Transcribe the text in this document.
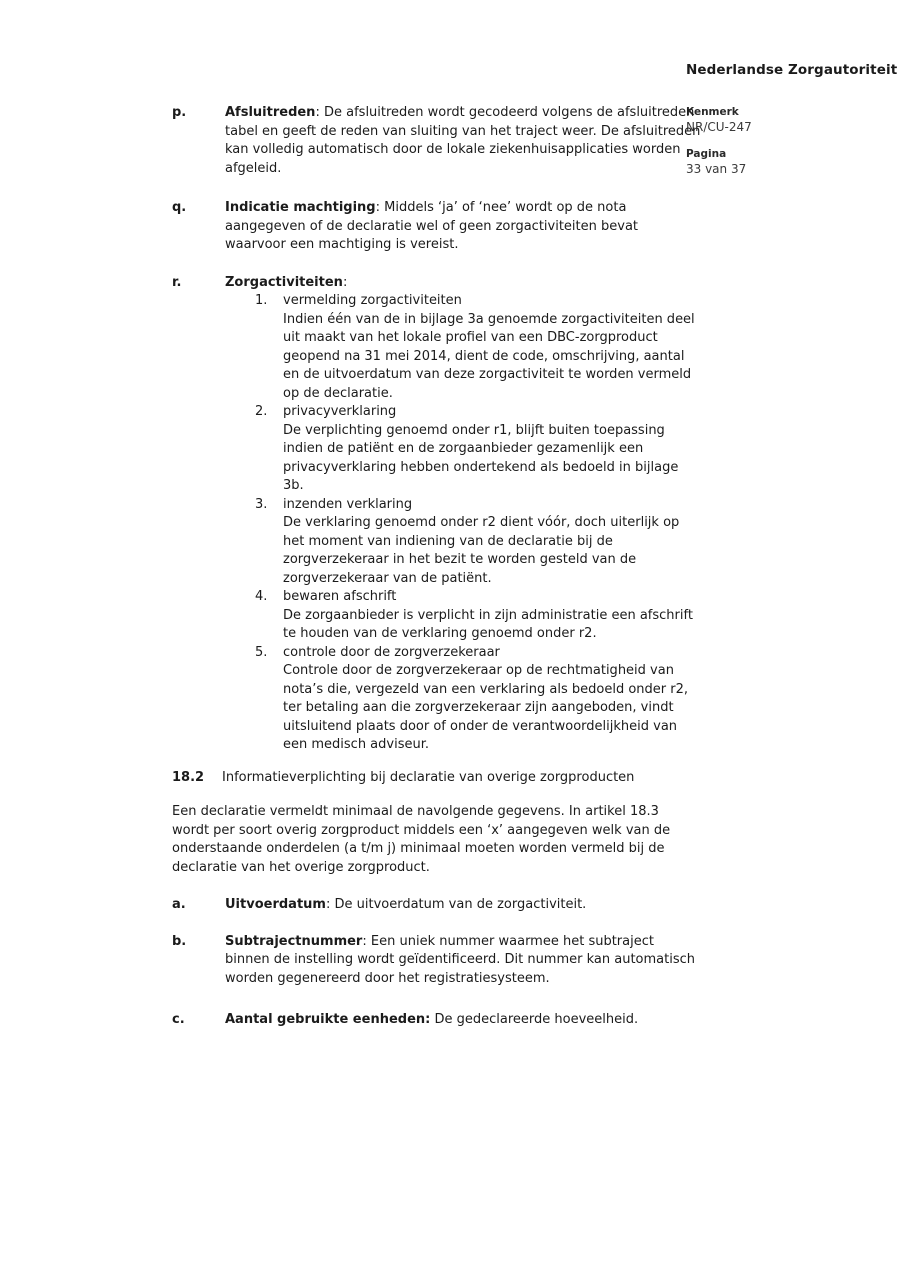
Nederlandse Zorgautoriteit
Kenmerk
NR/CU-247
Pagina
33 van 37
p.	Afsluitreden: De afsluitreden wordt gecodeerd volgens de afsluitreden tabel en geeft de reden van sluiting van het traject weer. De afsluitreden kan volledig automatisch door de lokale ziekenhuisapplicaties worden afgeleid.
q.	Indicatie machtiging: Middels ‘ja’ of ‘nee’ wordt op de nota aangegeven of de declaratie wel of geen zorgactiviteiten bevat waarvoor een machtiging is vereist.
r.	Zorgactiviteiten:
1.	vermelding zorgactiviteiten
Indien één van de in bijlage 3a genoemde zorgactiviteiten deel uit maakt van het lokale profiel van een DBC-zorgproduct geopend na 31 mei 2014, dient de code, omschrijving, aantal en de uitvoerdatum van deze zorgactiviteit te worden vermeld op de declaratie.
2.	privacyverklaring
De verplichting genoemd onder r1, blijft buiten toepassing indien de patiënt en de zorgaanbieder gezamenlijk een privacyverklaring hebben ondertekend als bedoeld in bijlage 3b.
3.	inzenden verklaring
De verklaring genoemd onder r2 dient vóór, doch uiterlijk op het moment van indiening van de declaratie bij de zorgverzekeraar in het bezit te worden gesteld van de zorgverzekeraar van de patiënt.
4.	bewaren afschrift
De zorgaanbieder is verplicht in zijn administratie een afschrift te houden van de verklaring genoemd onder r2.
5.	controle door de zorgverzekeraar
Controle door de zorgverzekeraar op de rechtmatigheid van nota’s die, vergezeld van een verklaring als bedoeld onder r2, ter betaling aan die zorgverzekeraar zijn aangeboden, vindt uitsluitend plaats door of onder de verantwoordelijkheid van een medisch adviseur.
18.2	Informatieverplichting bij declaratie van overige zorgproducten
Een declaratie vermeldt minimaal de navolgende gegevens. In artikel 18.3 wordt per soort overig zorgproduct middels een ‘x’ aangegeven welk van de onderstaande onderdelen (a t/m j) minimaal moeten worden vermeld bij de declaratie van het overige zorgproduct.
a.	Uitvoerdatum: De uitvoerdatum van de zorgactiviteit.
b.	Subtrajectnummer: Een uniek nummer waarmee het subtraject binnen de instelling wordt geïdentificeerd. Dit nummer kan automatisch worden gegenereerd door het registratiesysteem.
c.	Aantal gebruikte eenheden: De gedeclareerde hoeveelheid.
